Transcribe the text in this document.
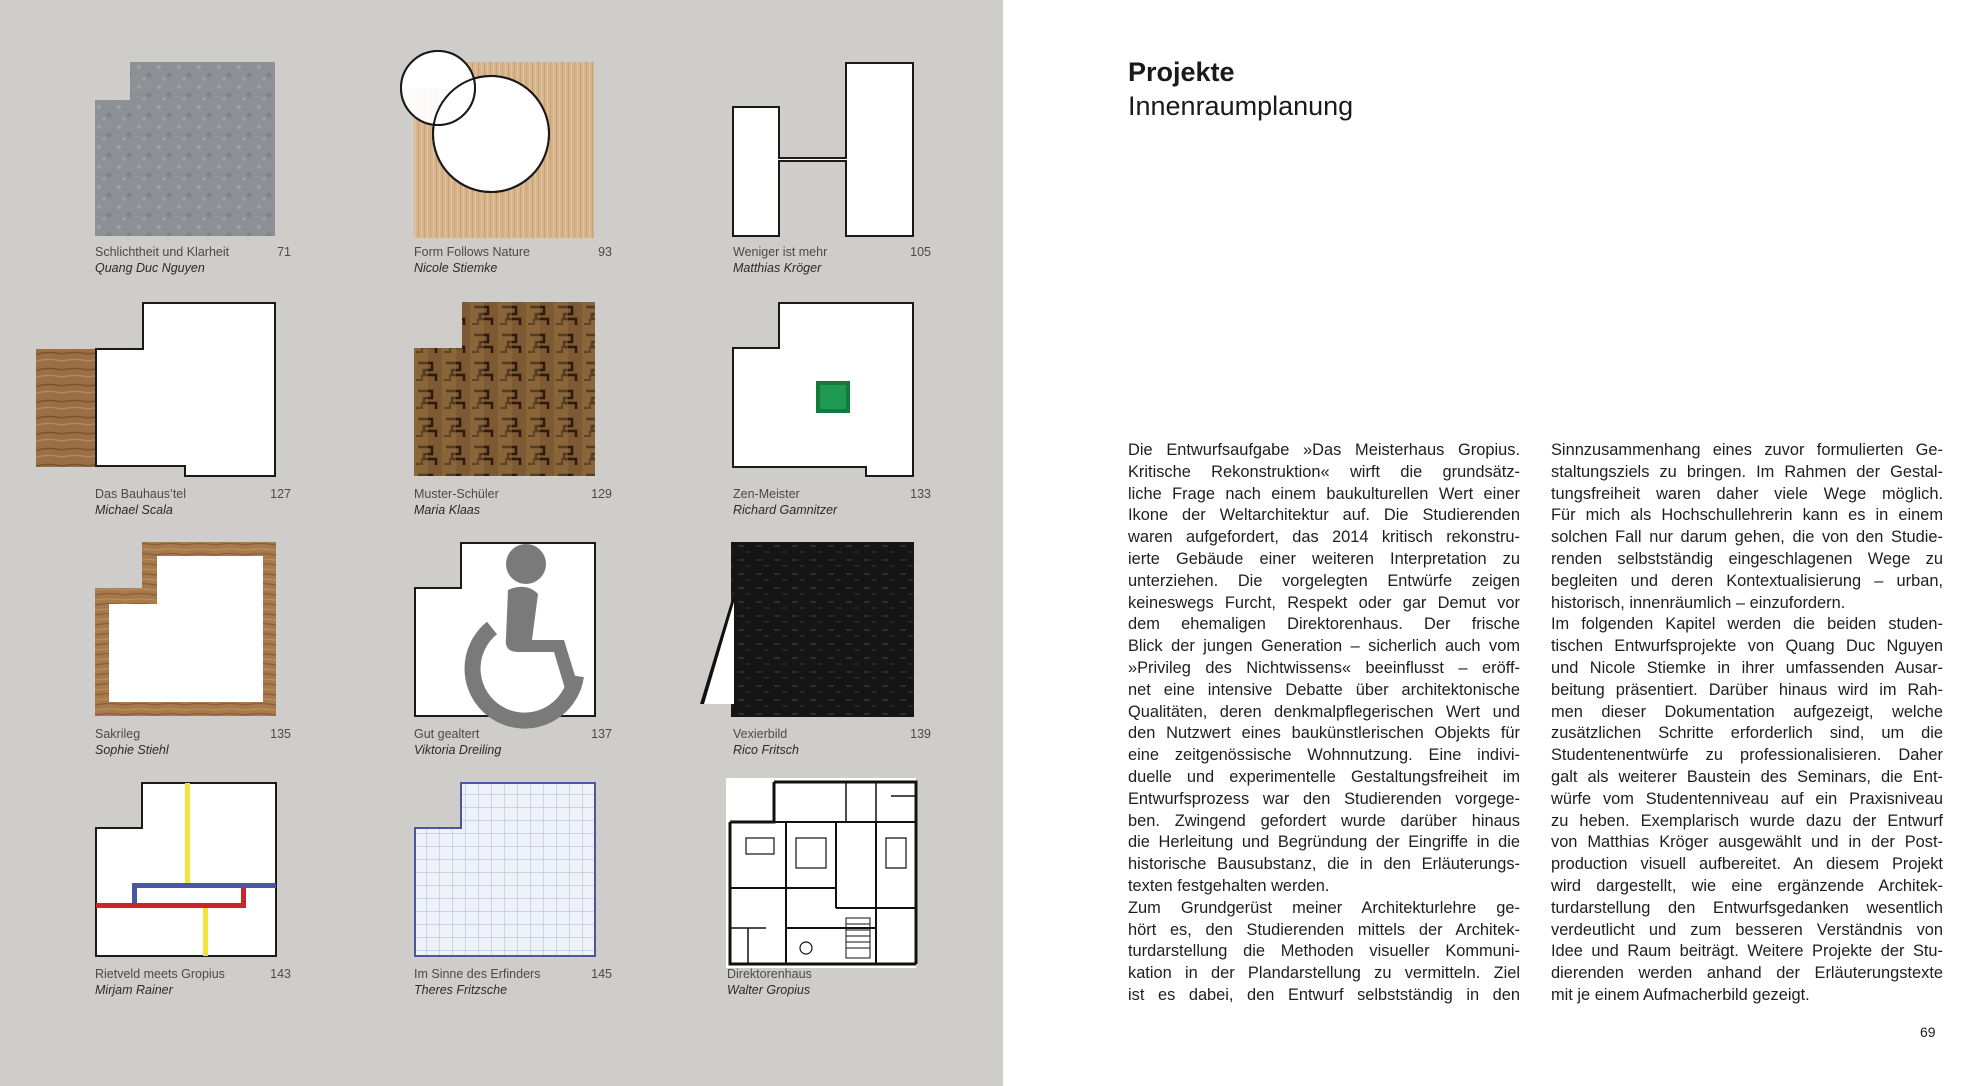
Schlichtheit und Klarheit	71
Quang Duc Nguyen
Form Follows Nature	93
Nicole Stiemke
Weniger ist mehr	105
Matthias Kröger
Das Bauhaus’tel	127
Michael Scala
Muster-Schüler	129
Maria Klaas
Zen-Meister	133
Richard Gamnitzer
Sakrileg	135
Sophie Stiehl
Gut gealtert	137
Viktoria Dreiling
Vexierbild	139
Rico Fritsch
Rietveld meets Gropius	143
Mirjam Rainer
Im Sinne des Erfinders	145
Theres Fritzsche
Direktorenhaus
Walter Gropius
Projekte
Innenraumplanung
Die Entwurfsaufgabe »Das Meisterhaus Gropius.
Kritische Rekonstruktion« wirft die grundsätz-
liche Frage nach einem baukulturellen Wert einer
Ikone der Weltarchitektur auf. Die Studierenden
waren aufgefordert, das 2014 kritisch rekonstru-
ierte Gebäude einer weiteren Interpretation zu
unterziehen. Die vorgelegten Entwürfe zeigen
keineswegs Furcht, Respekt oder gar Demut vor
dem ehemaligen Direktorenhaus. Der frische
Blick der jungen Generation – sicherlich auch vom
»Privileg des Nichtwissens« beeinflusst – eröff-
net eine intensive Debatte über architektonische
Qualitäten, deren denkmalpflegerischen Wert und
den Nutzwert eines baukünstlerischen Objekts für
eine zeitgenössische Wohnnutzung. Eine indivi-
duelle und experimentelle Gestaltungsfreiheit im
Entwurfsprozess war den Studierenden vorgege-
ben. Zwingend gefordert wurde darüber hinaus
die Herleitung und Begründung der Eingriffe in die
historische Bausubstanz, die in den Erläuterungs-
texten festgehalten werden.
Zum Grundgerüst meiner Architekturlehre ge-
hört es, den Studierenden mittels der Architek-
turdarstellung die Methoden visueller Kommuni-
kation in der Plandarstellung zu vermitteln. Ziel
ist es dabei, den Entwurf selbstständig in den
Sinnzusammenhang eines zuvor formulierten Ge-
staltungsziels zu bringen. Im Rahmen der Gestal-
tungsfreiheit waren daher viele Wege möglich.
Für mich als Hochschullehrerin kann es in einem
solchen Fall nur darum gehen, die von den Studie-
renden selbstständig eingeschlagenen Wege zu
begleiten und deren Kontextualisierung – urban,
historisch, innenräumlich – einzufordern.
Im folgenden Kapitel werden die beiden studen-
tischen Entwurfsprojekte von Quang Duc Nguyen
und Nicole Stiemke in ihrer umfassenden Ausar-
beitung präsentiert. Darüber hinaus wird im Rah-
men dieser Dokumentation aufgezeigt, welche
zusätzlichen Schritte erforderlich sind, um die
Studentenentwürfe zu professionalisieren. Daher
galt als weiterer Baustein des Seminars, die Ent-
würfe vom Studentenniveau auf ein Praxisniveau
zu heben. Exemplarisch wurde dazu der Entwurf
von Matthias Kröger ausgewählt und in der Post-
production visuell aufbereitet. An diesem Projekt
wird dargestellt, wie eine ergänzende Architek-
turdarstellung den Entwurfsgedanken wesentlich
verdeutlicht und zum besseren Verständnis von
Idee und Raum beiträgt. Weitere Projekte der Stu-
dierenden werden anhand der Erläuterungstexte
mit je einem Aufmacherbild gezeigt.
69
